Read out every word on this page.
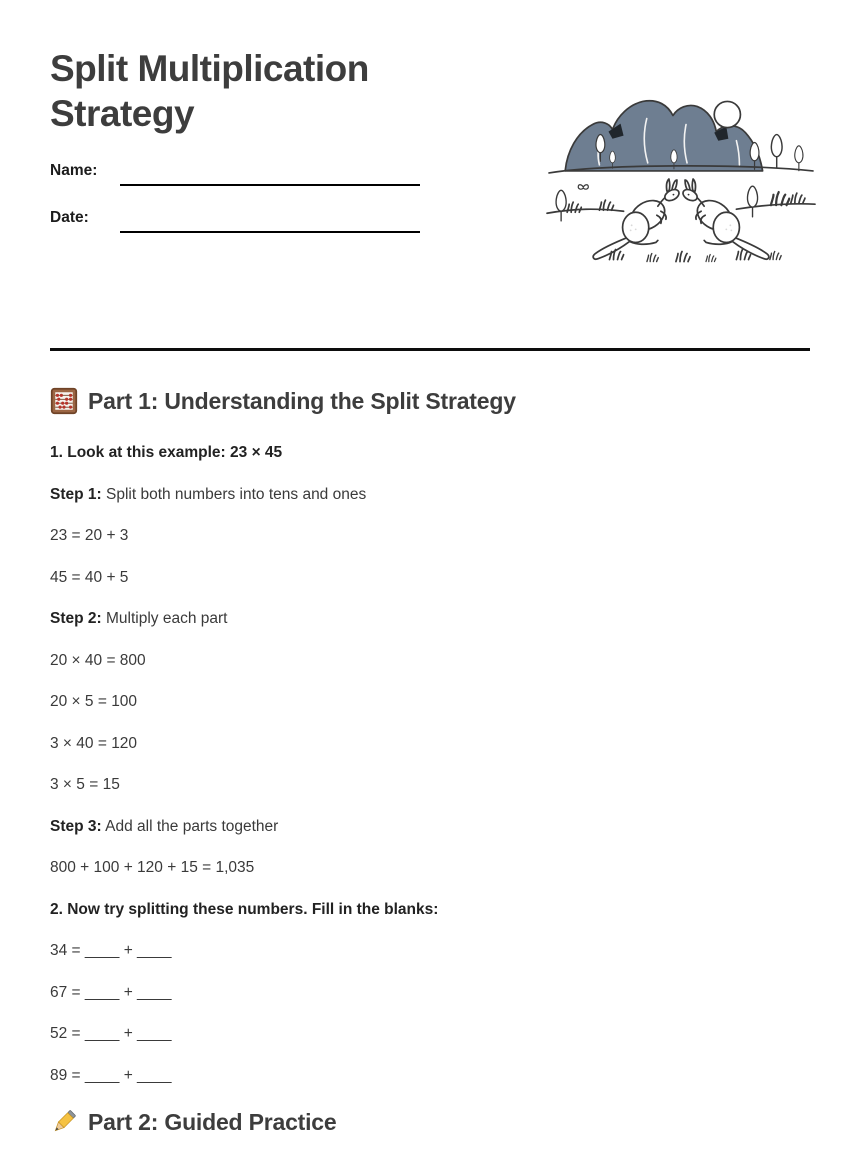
Split Multiplication Strategy
Name:
Date:
Part 1: Understanding the Split Strategy

1. Look at this example: 23 × 45

Step 1: Split both numbers into tens and ones

23 = 20 + 3

45 = 40 + 5

Step 2: Multiply each part

20 × 40 = 800

20 × 5 = 100

3 × 40 = 120

3 × 5 = 15

Step 3: Add all the parts together

800 + 100 + 120 + 15 = 1,035

2. Now try splitting these numbers. Fill in the blanks:

34 = ____ + ____

67 = ____ + ____

52 = ____ + ____

89 = ____ + ____

Part 2: Guided Practice
